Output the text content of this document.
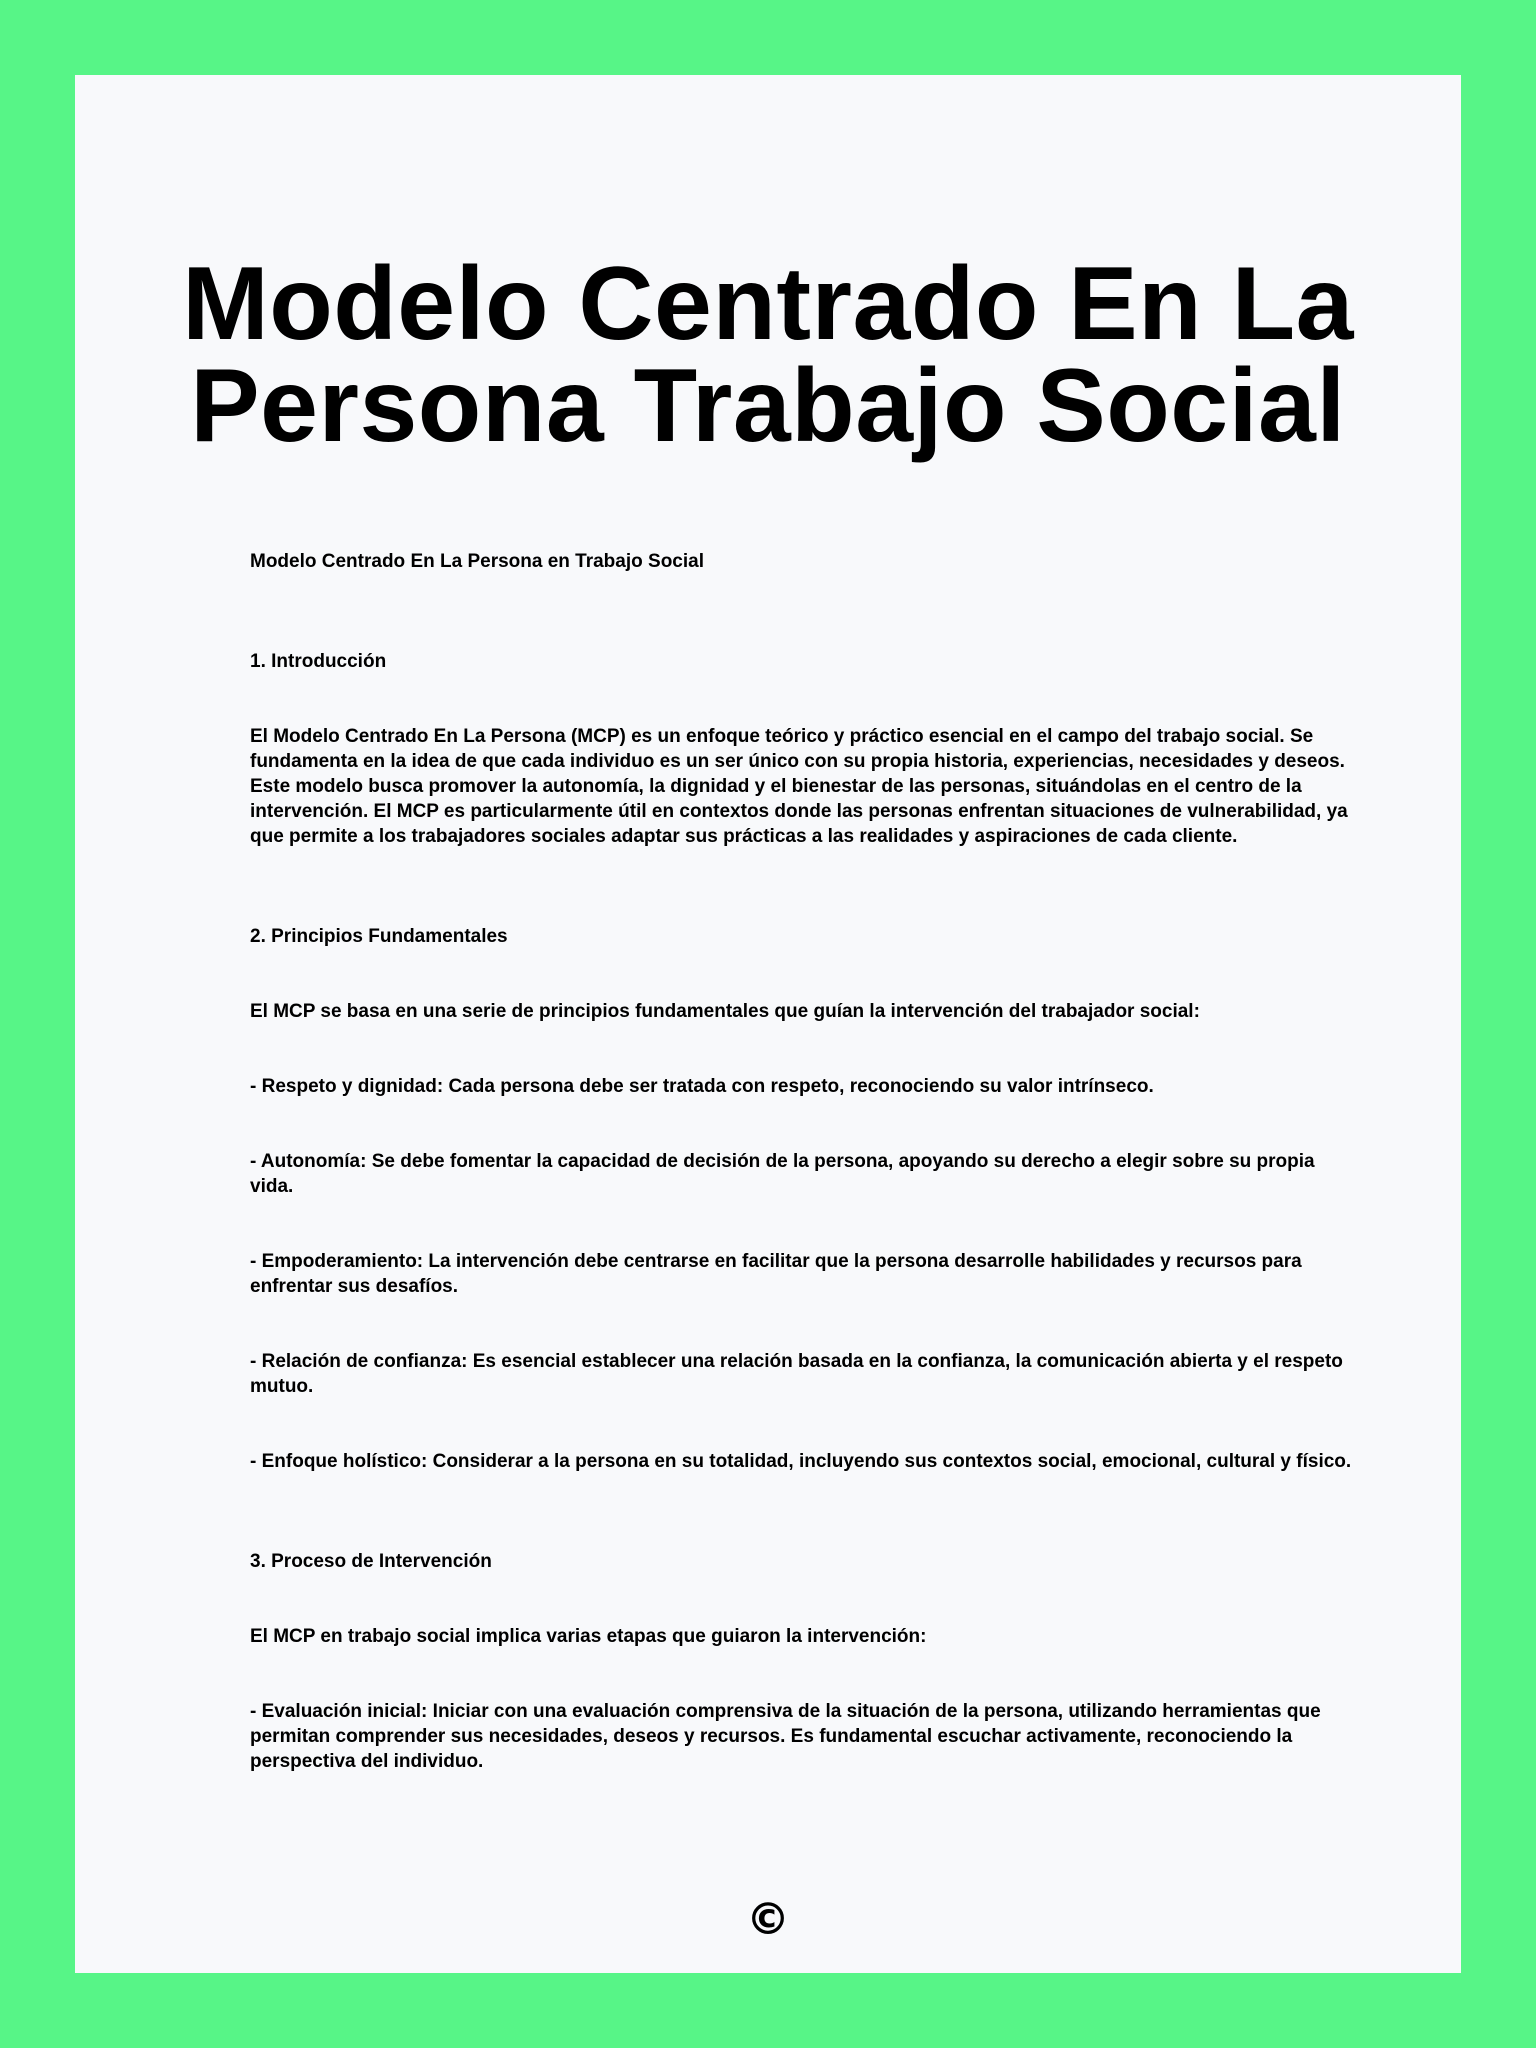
Modelo Centrado En La Persona Trabajo Social

Modelo Centrado En La Persona en Trabajo Social

1. Introducción

El Modelo Centrado En La Persona (MCP) es un enfoque teórico y práctico esencial en el campo del trabajo social. Se fundamenta en la idea de que cada individuo es un ser único con su propia historia, experiencias, necesidades y deseos. Este modelo busca promover la autonomía, la dignidad y el bienestar de las personas, situándolas en el centro de la intervención. El MCP es particularmente útil en contextos donde las personas enfrentan situaciones de vulnerabilidad, ya que permite a los trabajadores sociales adaptar sus prácticas a las realidades y aspiraciones de cada cliente.

2. Principios Fundamentales

El MCP se basa en una serie de principios fundamentales que guían la intervención del trabajador social:

- Respeto y dignidad: Cada persona debe ser tratada con respeto, reconociendo su valor intrínseco.

- Autonomía: Se debe fomentar la capacidad de decisión de la persona, apoyando su derecho a elegir sobre su propia vida.

- Empoderamiento: La intervención debe centrarse en facilitar que la persona desarrolle habilidades y recursos para enfrentar sus desafíos.

- Relación de confianza: Es esencial establecer una relación basada en la confianza, la comunicación abierta y el respeto mutuo.

- Enfoque holístico: Considerar a la persona en su totalidad, incluyendo sus contextos social, emocional, cultural y físico.

3. Proceso de Intervención

El MCP en trabajo social implica varias etapas que guiaron la intervención:

- Evaluación inicial: Iniciar con una evaluación comprensiva de la situación de la persona, utilizando herramientas que permitan comprender sus necesidades, deseos y recursos. Es fundamental escuchar activamente, reconociendo la perspectiva del individuo.

©
